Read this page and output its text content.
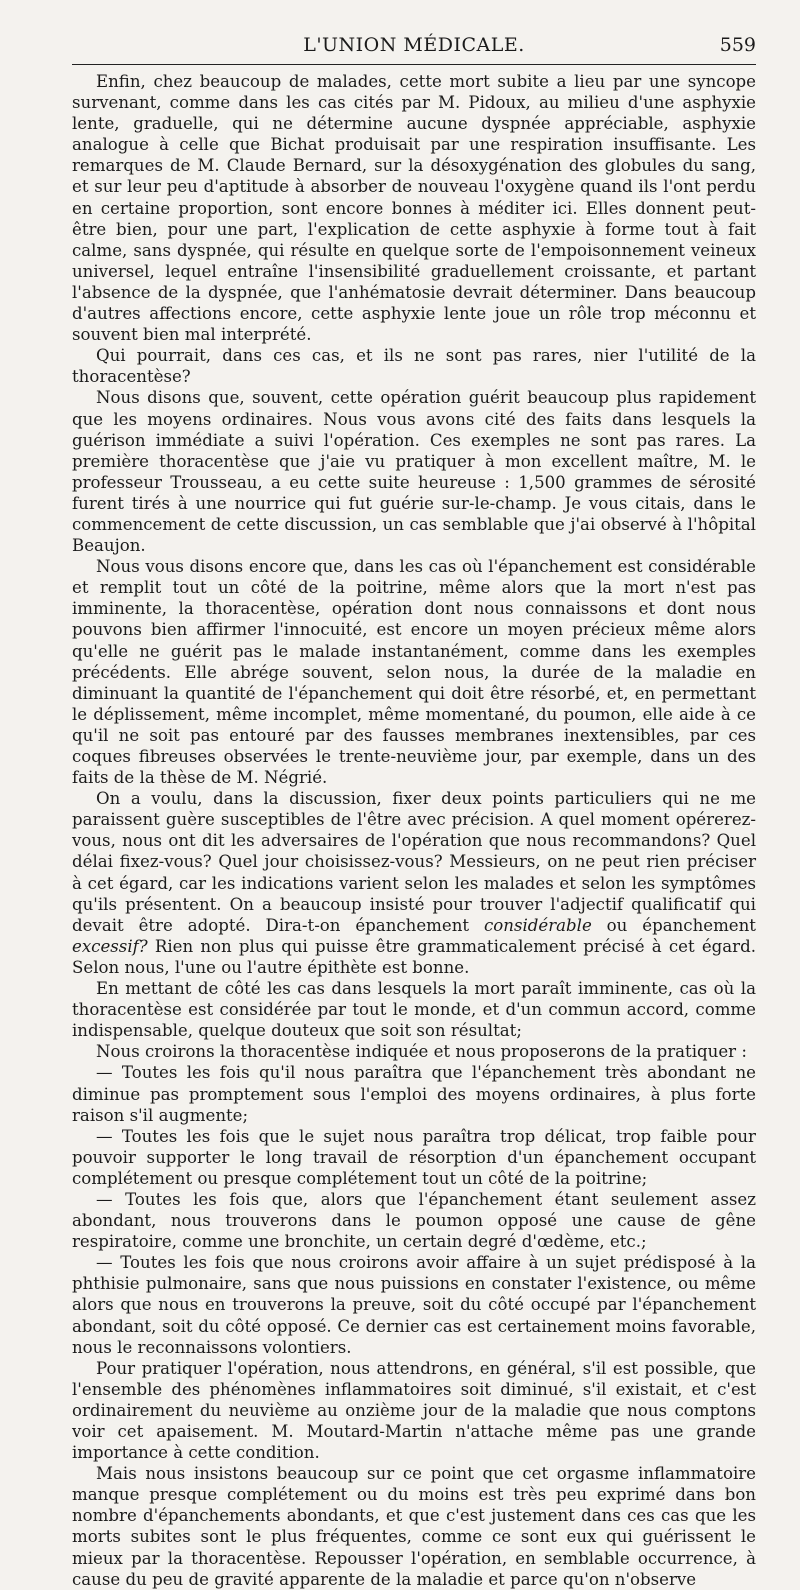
L'UNION MÉDICALE.	559

Enfin, chez beaucoup de malades, cette mort subite a lieu par une syncope survenant, comme dans les cas cités par M. Pidoux, au milieu d'une asphyxie lente, graduelle, qui ne détermine aucune dyspnée appréciable, asphyxie analogue à celle que Bichat produisait par une respiration insuffisante. Les remarques de M. Claude Bernard, sur la désoxygénation des globules du sang, et sur leur peu d'aptitude à absorber de nouveau l'oxygène quand ils l'ont perdu en certaine proportion, sont encore bonnes à méditer ici. Elles donnent peut-être bien, pour une part, l'explication de cette asphyxie à forme tout à fait calme, sans dyspnée, qui résulte en quelque sorte de l'empoisonnement veineux universel, lequel entraîne l'insensibilité graduellement croissante, et partant l'absence de la dyspnée, que l'anhématosie devrait déterminer. Dans beaucoup d'autres affections encore, cette asphyxie lente joue un rôle trop méconnu et souvent bien mal interprété.

Qui pourrait, dans ces cas, et ils ne sont pas rares, nier l'utilité de la thoracentèse?

Nous disons que, souvent, cette opération guérit beaucoup plus rapidement que les moyens ordinaires. Nous vous avons cité des faits dans lesquels la guérison immédiate a suivi l'opération. Ces exemples ne sont pas rares. La première thoracentèse que j'aie vu pratiquer à mon excellent maître, M. le professeur Trousseau, a eu cette suite heureuse : 1,500 grammes de sérosité furent tirés à une nourrice qui fut guérie sur-le-champ. Je vous citais, dans le commencement de cette discussion, un cas semblable que j'ai observé à l'hôpital Beaujon.

Nous vous disons encore que, dans les cas où l'épanchement est considérable et remplit tout un côté de la poitrine, même alors que la mort n'est pas imminente, la thoracentèse, opération dont nous connaissons et dont nous pouvons bien affirmer l'innocuité, est encore un moyen précieux même alors qu'elle ne guérit pas le malade instantanément, comme dans les exemples précédents. Elle abrége souvent, selon nous, la durée de la maladie en diminuant la quantité de l'épanchement qui doit être résorbé, et, en permettant le déplissement, même incomplet, même momentané, du poumon, elle aide à ce qu'il ne soit pas entouré par des fausses membranes inextensibles, par ces coques fibreuses observées le trente-neuvième jour, par exemple, dans un des faits de la thèse de M. Négrié.

On a voulu, dans la discussion, fixer deux points particuliers qui ne me paraissent guère susceptibles de l'être avec précision. A quel moment opérerez-vous, nous ont dit les adversaires de l'opération que nous recommandons? Quel délai fixez-vous? Quel jour choisissez-vous? Messieurs, on ne peut rien préciser à cet égard, car les indications varient selon les malades et selon les symptômes qu'ils présentent. On a beaucoup insisté pour trouver l'adjectif qualificatif qui devait être adopté. Dira-t-on épanchement considérable ou épanchement excessif? Rien non plus qui puisse être grammaticalement précisé à cet égard. Selon nous, l'une ou l'autre épithète est bonne.

En mettant de côté les cas dans lesquels la mort paraît imminente, cas où la thoracentèse est considérée par tout le monde, et d'un commun accord, comme indispensable, quelque douteux que soit son résultat;

Nous croirons la thoracentèse indiquée et nous proposerons de la pratiquer :

— Toutes les fois qu'il nous paraîtra que l'épanchement très abondant ne diminue pas promptement sous l'emploi des moyens ordinaires, à plus forte raison s'il augmente;

— Toutes les fois que le sujet nous paraîtra trop délicat, trop faible pour pouvoir supporter le long travail de résorption d'un épanchement occupant complétement ou presque complétement tout un côté de la poitrine;

— Toutes les fois que, alors que l'épanchement étant seulement assez abondant, nous trouverons dans le poumon opposé une cause de gêne respiratoire, comme une bronchite, un certain degré d'œdème, etc.;

— Toutes les fois que nous croirons avoir affaire à un sujet prédisposé à la phthisie pulmonaire, sans que nous puissions en constater l'existence, ou même alors que nous en trouverons la preuve, soit du côté occupé par l'épanchement abondant, soit du côté opposé. Ce dernier cas est certainement moins favorable, nous le reconnaissons volontiers.

Pour pratiquer l'opération, nous attendrons, en général, s'il est possible, que l'ensemble des phénomènes inflammatoires soit diminué, s'il existait, et c'est ordinairement du neuvième au onzième jour de la maladie que nous comptons voir cet apaisement. M. Moutard-Martin n'attache même pas une grande importance à cette condition.

Mais nous insistons beaucoup sur ce point que cet orgasme inflammatoire manque presque complétement ou du moins est très peu exprimé dans bon nombre d'épanchements abondants, et que c'est justement dans ces cas que les morts subites sont le plus fréquentes, comme ce sont eux qui guérissent le mieux par la thoracentèse. Repousser l'opération, en semblable occurrence, à cause du peu de gravité apparente de la maladie et parce qu'on n'observe
